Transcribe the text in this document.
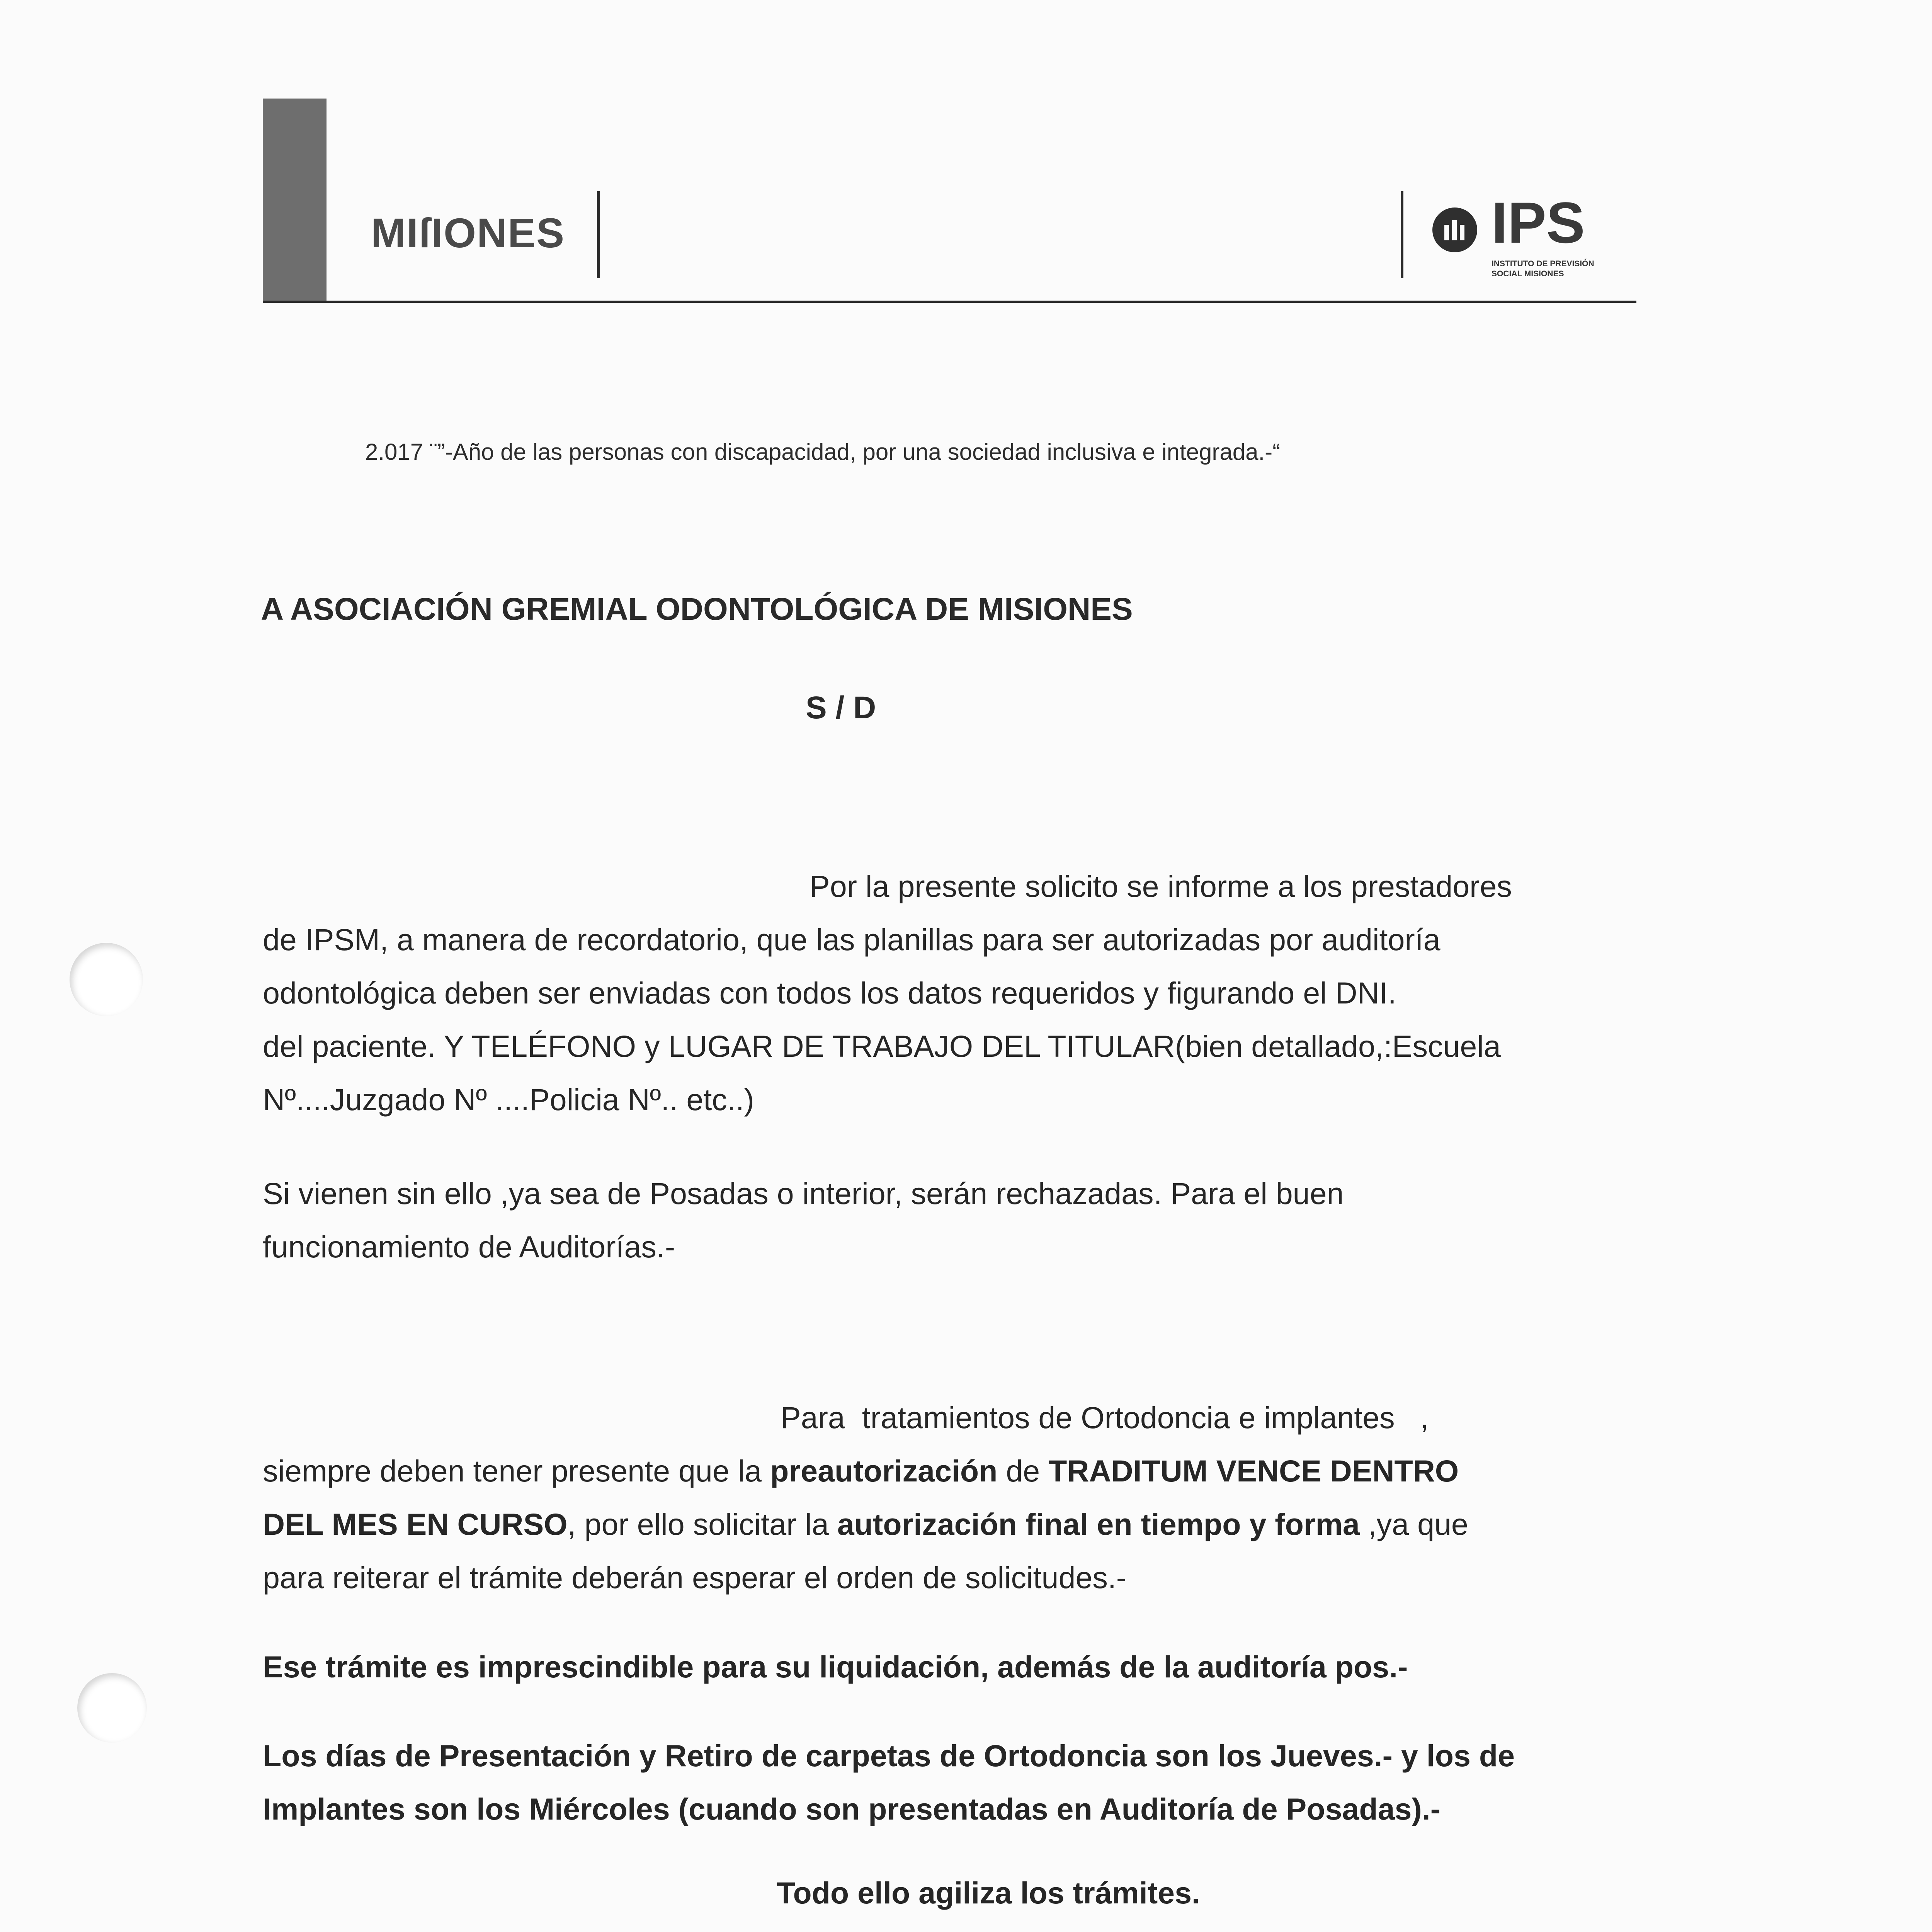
MIſIONES	IPS
INSTITUTO DE PREVISIÓN
SOCIAL MISIONES
2.017 ¨”-Año de las personas con discapacidad, por una sociedad inclusiva e integrada.-“
A ASOCIACIÓN GREMIAL ODONTOLÓGICA DE MISIONES
S / D
Por la presente solicito se informe a los prestadores
de IPSM, a manera de recordatorio, que las planillas para ser autorizadas por auditoría
odontológica deben ser enviadas con todos los datos requeridos y figurando el DNI.
del paciente. Y TELÉFONO y LUGAR DE TRABAJO DEL TITULAR(bien detallado,:Escuela
Nº....Juzgado Nº ....Policia Nº.. etc..)
Si vienen sin ello ,ya sea de Posadas o interior, serán rechazadas. Para el buen
funcionamiento de Auditorías.-
Para  tratamientos de Ortodoncia e implantes   ,
siempre deben tener presente que la preautorización de TRADITUM VENCE DENTRO
DEL MES EN CURSO, por ello solicitar la autorización final en tiempo y forma ,ya que
para reiterar el trámite deberán esperar el orden de solicitudes.-
Ese trámite es imprescindible para su liquidación, además de la auditoría pos.-
Los días de Presentación y Retiro de carpetas de Ortodoncia son los Jueves.- y los de
Implantes son los Miércoles (cuando son presentadas en Auditoría de Posadas).-
Todo ello agiliza los trámites.
